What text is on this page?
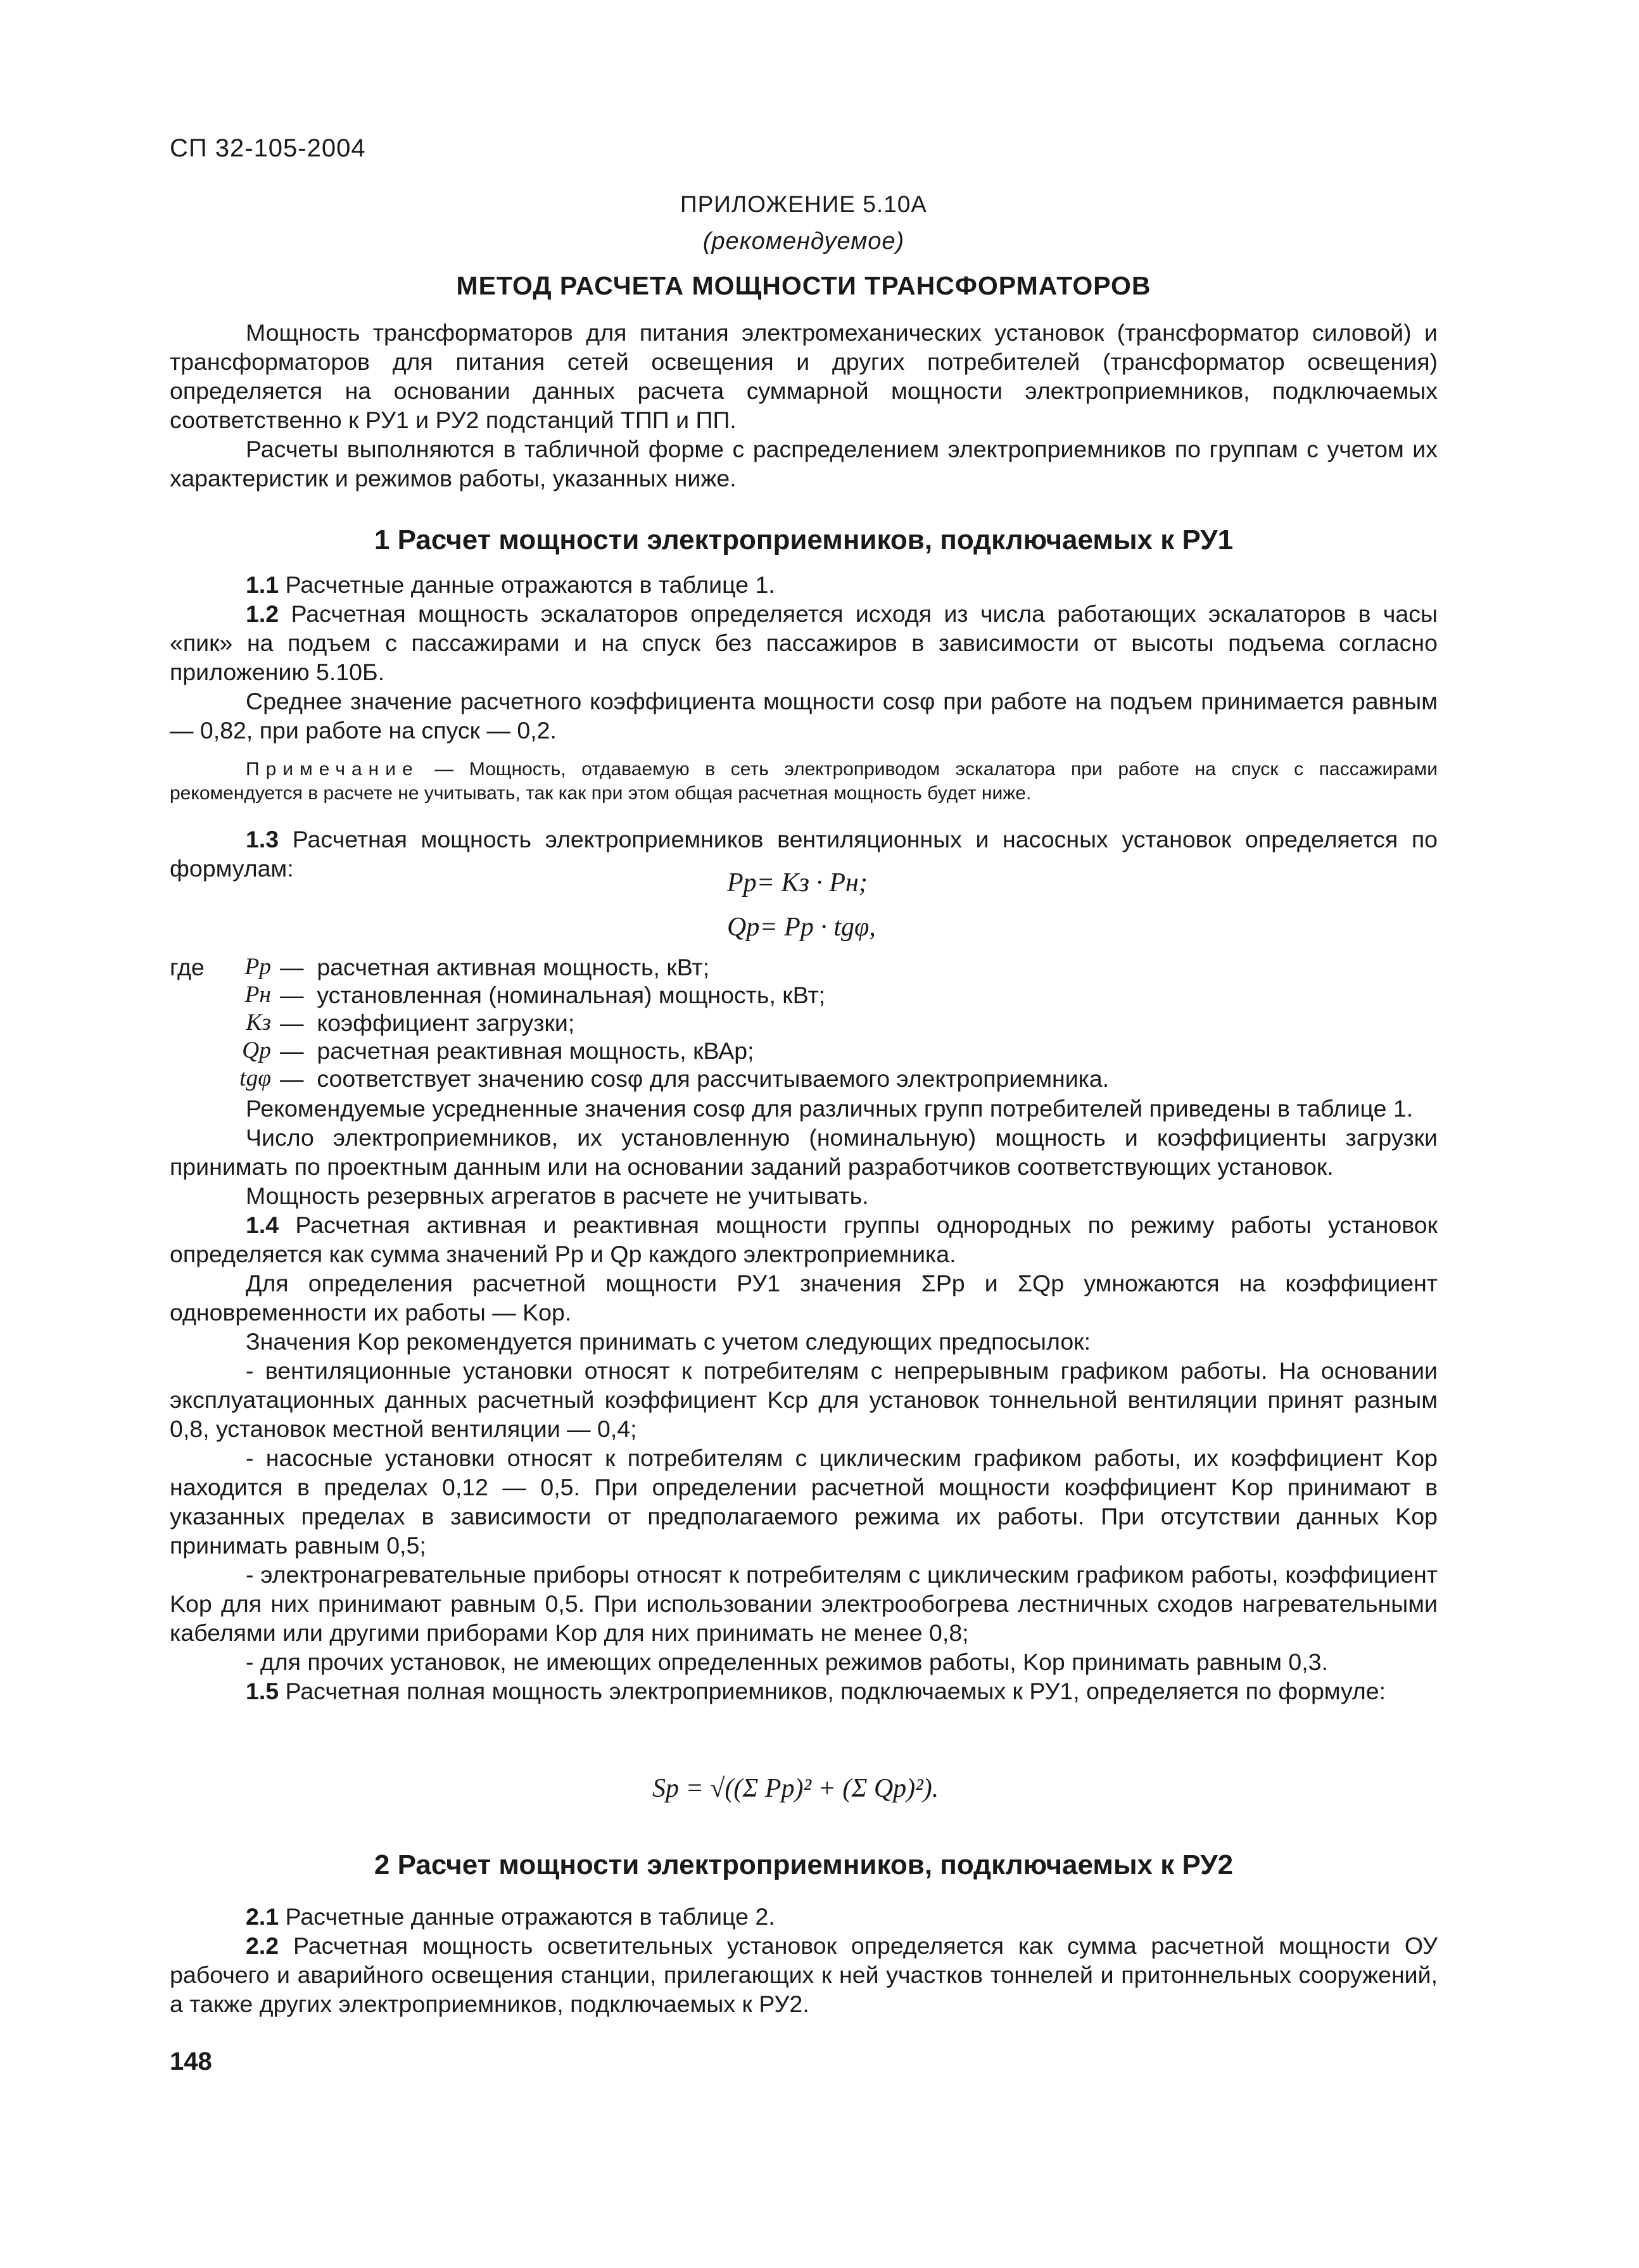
СП 32-105-2004
ПРИЛОЖЕНИЕ 5.10А
(рекомендуемое)
МЕТОД РАСЧЕТА МОЩНОСТИ ТРАНСФОРМАТОРОВ

Мощность трансформаторов для питания электромеханических установок (трансформатор силовой) и трансформаторов для питания сетей освещения и других потребителей (трансформатор освещения) определяется на основании данных расчета суммарной мощности электроприемников, подключаемых соответственно к РУ1 и РУ2 подстанций ТПП и ПП.

Расчеты выполняются в табличной форме с распределением электроприемников по группам с учетом их характеристик и режимов работы, указанных ниже.

1 Расчет мощности электроприемников, подключаемых к РУ1

1.1 Расчетные данные отражаются в таблице 1.

1.2 Расчетная мощность эскалаторов определяется исходя из числа работающих эскалаторов в часы «пик» на подъем с пассажирами и на спуск без пассажиров в зависимости от высоты подъема согласно приложению 5.10Б.

Среднее значение расчетного коэффициента мощности cosφ при работе на подъем принимается равным — 0,82, при работе на спуск — 0,2.

Примечание — Мощность, отдаваемую в сеть электроприводом эскалатора при работе на спуск с пассажирами рекомендуется в расчете не учитывать, так как при этом общая расчетная мощность будет ниже.

1.3 Расчетная мощность электроприемников вентиляционных и насосных установок определяется по формулам:	Pр= Kз · Pн;
Qр= Pр · tgφ,
где	Pр —
расчетная активная мощность, кВт;
Pн —
установленная (номинальная) мощность, кВт;
Kз —
коэффициент загрузки;
Qр —
расчетная реактивная мощность, кВАр;
tgφ —
соответствует значению cosφ для рассчитываемого электроприемника.

Рекомендуемые усредненные значения cosφ для различных групп потребителей приведены в таблице 1.

Число электроприемников, их установленную (номинальную) мощность и коэффициенты загрузки принимать по проектным данным или на основании заданий разработчиков соответствующих установок.

Мощность резервных агрегатов в расчете не учитывать.

1.4 Расчетная активная и реактивная мощности группы однородных по режиму работы установок определяется как сумма значений Pр и Qр каждого электроприемника.

Для определения расчетной мощности РУ1 значения ΣPр и ΣQр умножаются на коэффициент одновременности их работы — Kор.

Значения Kор рекомендуется принимать с учетом следующих предпосылок:

- вентиляционные установки относят к потребителям с непрерывным графиком работы. На основании эксплуатационных данных расчетный коэффициент Kср для установок тоннельной вентиляции принят разным 0,8, установок местной вентиляции — 0,4;

- насосные установки относят к потребителям с циклическим графиком работы, их коэффициент Kор находится в пределах 0,12 — 0,5. При определении расчетной мощности коэффициент Kор принимают в указанных пределах в зависимости от предполагаемого режима их работы. При отсутствии данных Kор принимать равным 0,5;

- электронагревательные приборы относят к потребителям с циклическим графиком работы, коэффициент Kор для них принимают равным 0,5. При использовании электрообогрева лестничных сходов нагревательными кабелями или другими приборами Kор для них принимать не менее 0,8;

- для прочих установок, не имеющих определенных режимов работы, Kор принимать равным 0,3.

1.5 Расчетная полная мощность электроприемников, подключаемых к РУ1, определяется по формуле:

Sр = √((Σ Pр)² + (Σ Qр)²).
2 Расчет мощности электроприемников, подключаемых к РУ2

2.1 Расчетные данные отражаются в таблице 2.

2.2 Расчетная мощность осветительных установок определяется как сумма расчетной мощности ОУ рабочего и аварийного освещения станции, прилегающих к ней участков тоннелей и притоннельных сооружений, а также других электроприемников, подключаемых к РУ2.

148
